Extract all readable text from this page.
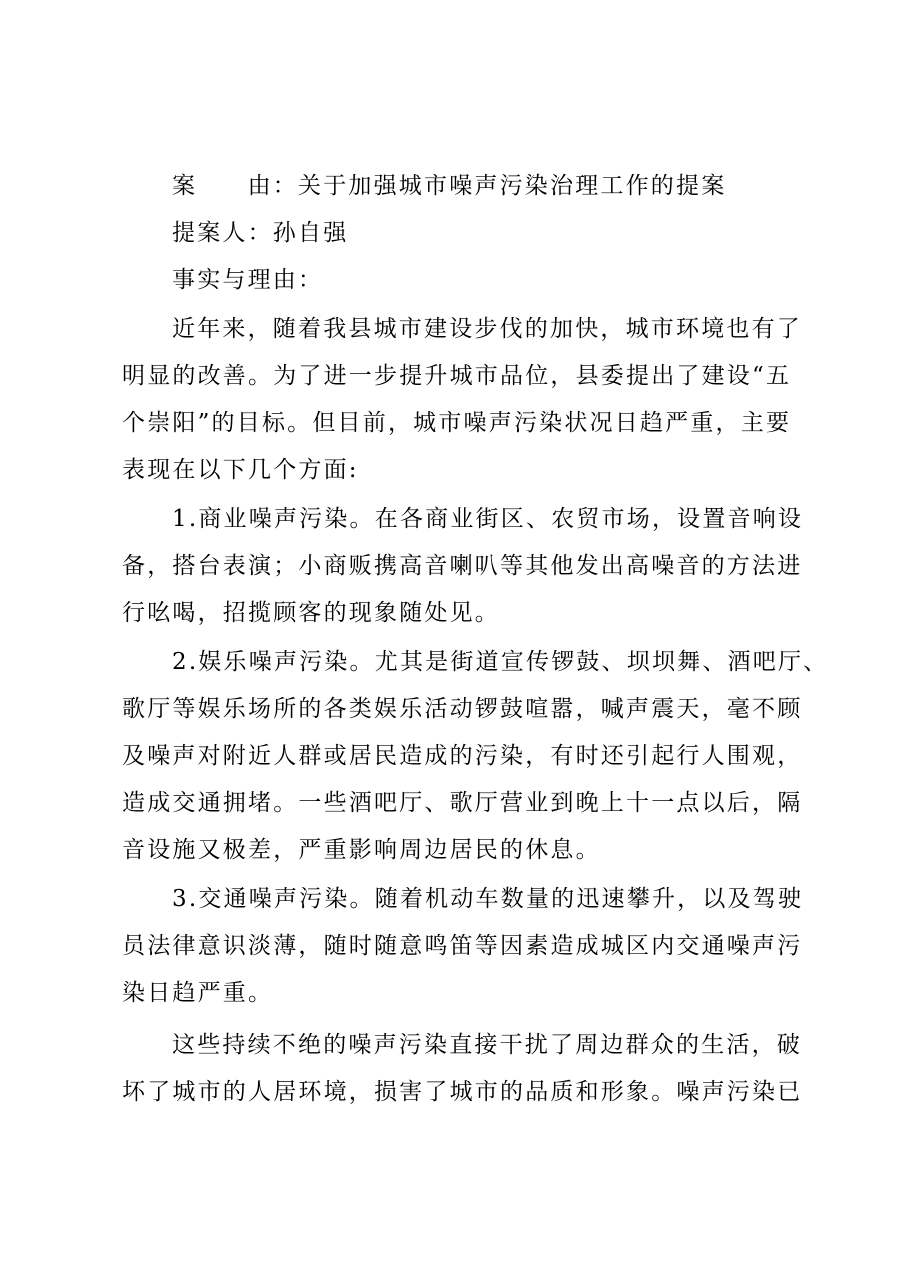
案　　由：关于加强城市噪声污染治理工作的提案
提案人：孙自强
事实与理由：
近年来，随着我县城市建设步伐的加快，城市环境也有了
明显的改善。为了进一步提升城市品位，县委提出了建设“五
个崇阳”的目标。但目前，城市噪声污染状况日趋严重，主要
表现在以下几个方面:
1.商业噪声污染。在各商业街区、农贸市场，设置音响设
备，搭台表演；小商贩携高音喇叭等其他发出高噪音的方法进
行吆喝，招揽顾客的现象随处见。
2.娱乐噪声污染。尤其是街道宣传锣鼓、坝坝舞、酒吧厅、
歌厅等娱乐场所的各类娱乐活动锣鼓喧嚣，喊声震天，毫不顾
及噪声对附近人群或居民造成的污染，有时还引起行人围观，
造成交通拥堵。一些酒吧厅、歌厅营业到晚上十一点以后，隔
音设施又极差，严重影响周边居民的休息。
3.交通噪声污染。随着机动车数量的迅速攀升，以及驾驶
员法律意识淡薄，随时随意鸣笛等因素造成城区内交通噪声污
染日趋严重。
这些持续不绝的噪声污染直接干扰了周边群众的生活，破
坏了城市的人居环境，损害了城市的品质和形象。噪声污染已
